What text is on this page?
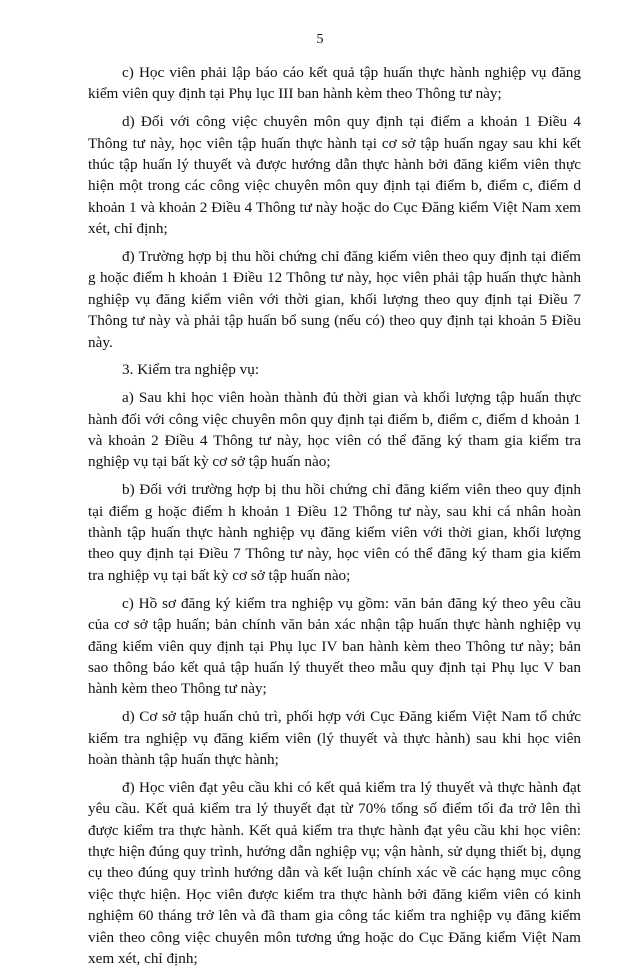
5

c) Học viên phải lập báo cáo kết quả tập huấn thực hành nghiệp vụ đăng kiểm viên quy định tại Phụ lục III ban hành kèm theo Thông tư này;

d) Đối với công việc chuyên môn quy định tại điểm a khoản 1 Điều 4 Thông tư này, học viên tập huấn thực hành tại cơ sở tập huấn ngay sau khi kết thúc tập huấn lý thuyết và được hướng dẫn thực hành bởi đăng kiểm viên thực hiện một trong các công việc chuyên môn quy định tại điểm b, điểm c, điểm d khoản 1 và khoản 2 Điều 4 Thông tư này hoặc do Cục Đăng kiểm Việt Nam xem xét, chỉ định;

đ) Trường hợp bị thu hồi chứng chỉ đăng kiểm viên theo quy định tại điểm g hoặc điểm h khoản 1 Điều 12 Thông tư này, học viên phải tập huấn thực hành nghiệp vụ đăng kiểm viên với thời gian, khối lượng theo quy định tại Điều 7 Thông tư này và phải tập huấn bổ sung (nếu có) theo quy định tại khoản 5 Điều này.

3. Kiểm tra nghiệp vụ:

a) Sau khi học viên hoàn thành đủ thời gian và khối lượng tập huấn thực hành đối với công việc chuyên môn quy định tại điểm b, điểm c, điểm d khoản 1 và khoản 2 Điều 4 Thông tư này, học viên có thể đăng ký tham gia kiểm tra nghiệp vụ tại bất kỳ cơ sở tập huấn nào;

b) Đối với trường hợp bị thu hồi chứng chỉ đăng kiểm viên theo quy định tại điểm g hoặc điểm h khoản 1 Điều 12 Thông tư này, sau khi cá nhân hoàn thành tập huấn thực hành nghiệp vụ đăng kiểm viên với thời gian, khối lượng theo quy định tại Điều 7 Thông tư này, học viên có thể đăng ký tham gia kiểm tra nghiệp vụ tại bất kỳ cơ sở tập huấn nào;

c) Hồ sơ đăng ký kiểm tra nghiệp vụ gồm: văn bản đăng ký theo yêu cầu của cơ sở tập huấn; bản chính văn bản xác nhận tập huấn thực hành nghiệp vụ đăng kiểm viên quy định tại Phụ lục IV ban hành kèm theo Thông tư này; bản sao thông báo kết quả tập huấn lý thuyết theo mẫu quy định tại Phụ lục V ban hành kèm theo Thông tư này;

d) Cơ sở tập huấn chủ trì, phối hợp với Cục Đăng kiểm Việt Nam tổ chức kiểm tra nghiệp vụ đăng kiểm viên (lý thuyết và thực hành) sau khi học viên hoàn thành tập huấn thực hành;

đ) Học viên đạt yêu cầu khi có kết quả kiểm tra lý thuyết và thực hành đạt yêu cầu. Kết quả kiểm tra lý thuyết đạt từ 70% tổng số điểm tối đa trở lên thì được kiểm tra thực hành. Kết quả kiểm tra thực hành đạt yêu cầu khi học viên: thực hiện đúng quy trình, hướng dẫn nghiệp vụ; vận hành, sử dụng thiết bị, dụng cụ theo đúng quy trình hướng dẫn và kết luận chính xác về các hạng mục công việc thực hiện. Học viên được kiểm tra thực hành bởi đăng kiểm viên có kinh nghiệm 60 tháng trở lên và đã tham gia công tác kiểm tra nghiệp vụ đăng kiểm viên theo công việc chuyên môn tương ứng hoặc do Cục Đăng kiểm Việt Nam xem xét, chỉ định;
